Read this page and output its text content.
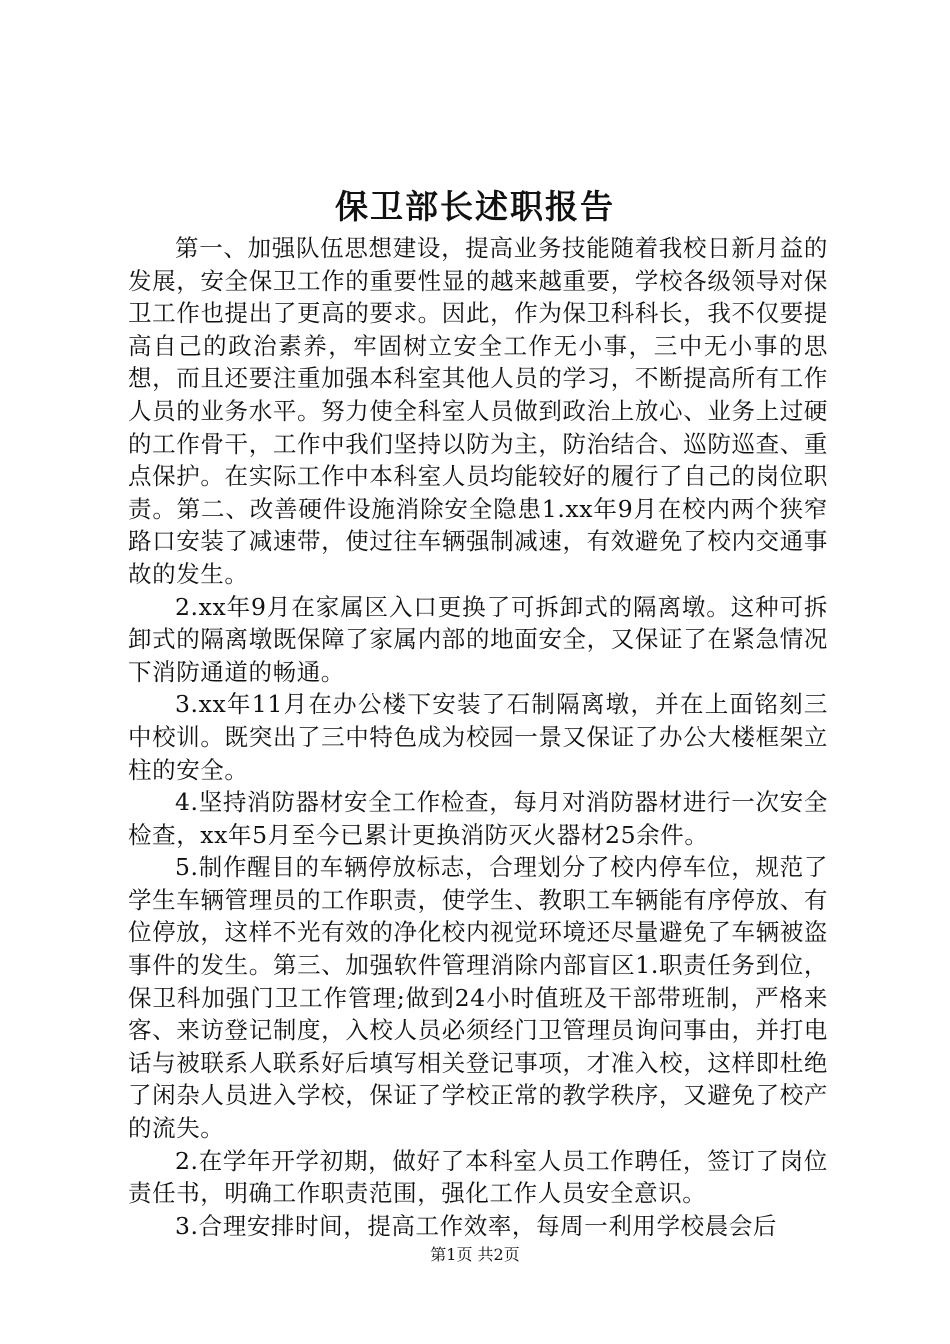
保卫部长述职报告

第一、加强队伍思想建设，提高业务技能随着我校日新月益的发展，安全保卫工作的重要性显的越来越重要，学校各级领导对保卫工作也提出了更高的要求。因此，作为保卫科科长，我不仅要提高自己的政治素养，牢固树立安全工作无小事，三中无小事的思想，而且还要注重加强本科室其他人员的学习，不断提高所有工作人员的业务水平。努力使全科室人员做到政治上放心、业务上过硬的工作骨干，工作中我们坚持以防为主，防治结合、巡防巡查、重点保护。在实际工作中本科室人员均能较好的履行了自己的岗位职责。第二、改善硬件设施消除安全隐患1.xx年9月在校内两个狭窄路口安装了减速带，使过往车辆强制减速，有效避免了校内交通事故的发生。

2.xx年9月在家属区入口更换了可拆卸式的隔离墩。这种可拆卸式的隔离墩既保障了家属内部的地面安全，又保证了在紧急情况下消防通道的畅通。

3.xx年11月在办公楼下安装了石制隔离墩，并在上面铭刻三中校训。既突出了三中特色成为校园一景又保证了办公大楼框架立柱的安全。

4.坚持消防器材安全工作检查，每月对消防器材进行一次安全检查，xx年5月至今已累计更换消防灭火器材25余件。

5.制作醒目的车辆停放标志，合理划分了校内停车位，规范了学生车辆管理员的工作职责，使学生、教职工车辆能有序停放、有位停放，这样不光有效的净化校内视觉环境还尽量避免了车辆被盗事件的发生。第三、加强软件管理消除内部盲区1.职责任务到位，保卫科加强门卫工作管理;做到24小时值班及干部带班制，严格来客、来访登记制度，入校人员必须经门卫管理员询问事由，并打电话与被联系人联系好后填写相关登记事项，才准入校，这样即杜绝了闲杂人员进入学校，保证了学校正常的教学秩序，又避免了校产的流失。

2.在学年开学初期，做好了本科室人员工作聘任，签订了岗位责任书，明确工作职责范围，强化工作人员安全意识。

3.合理安排时间，提高工作效率，每周一利用学校晨会后

第1页 共2页
